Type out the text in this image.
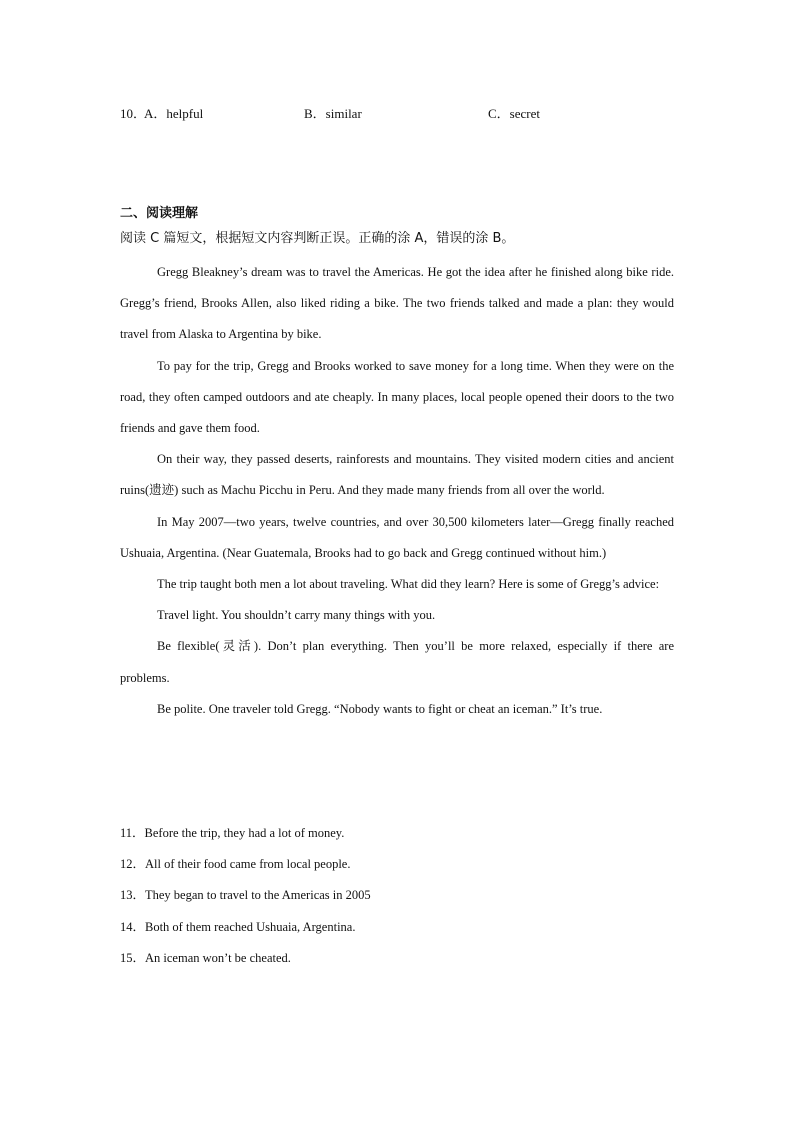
10．
A．helpful	B．similar	C．secret
二、阅读理解
阅读 C 篇短文，根据短文内容判断正误。正确的涂 A，错误的涂 B。

Gregg Bleakney’s dream was to travel the Americas. He got the idea after he finished along bike ride. Gregg’s friend, Brooks Allen, also liked riding a bike. The two friends talked and made a plan: they would travel from Alaska to Argentina by bike.

To pay for the trip, Gregg and Brooks worked to save money for a long time. When they were on the road, they often camped outdoors and ate cheaply. In many places, local people opened their doors to the two friends and gave them food.

On their way, they passed deserts, rainforests and mountains. They visited modern cities and ancient ruins(遗迹) such as Machu Picchu in Peru. And they made many friends from all over the world.

In May 2007—two years, twelve countries, and over 30,500 kilometers later—Gregg finally reached Ushuaia, Argentina. (Near Guatemala, Brooks had to go back and Gregg continued without him.)

The trip taught both men a lot about traveling. What did they learn? Here is some of Gregg’s advice:

Travel light. You shouldn’t carry many things with you.

Be flexible(灵活). Don’t plan everything. Then you’ll be more relaxed, especially if there are problems.

Be polite. One traveler told Gregg. “Nobody wants to fight or cheat an iceman.” It’s true.

11．Before the trip, they had a lot of money.
12．All of their food came from local people.
13．They began to travel to the Americas in 2005
14．Both of them reached Ushuaia, Argentina.
15．An iceman won’t be cheated.
